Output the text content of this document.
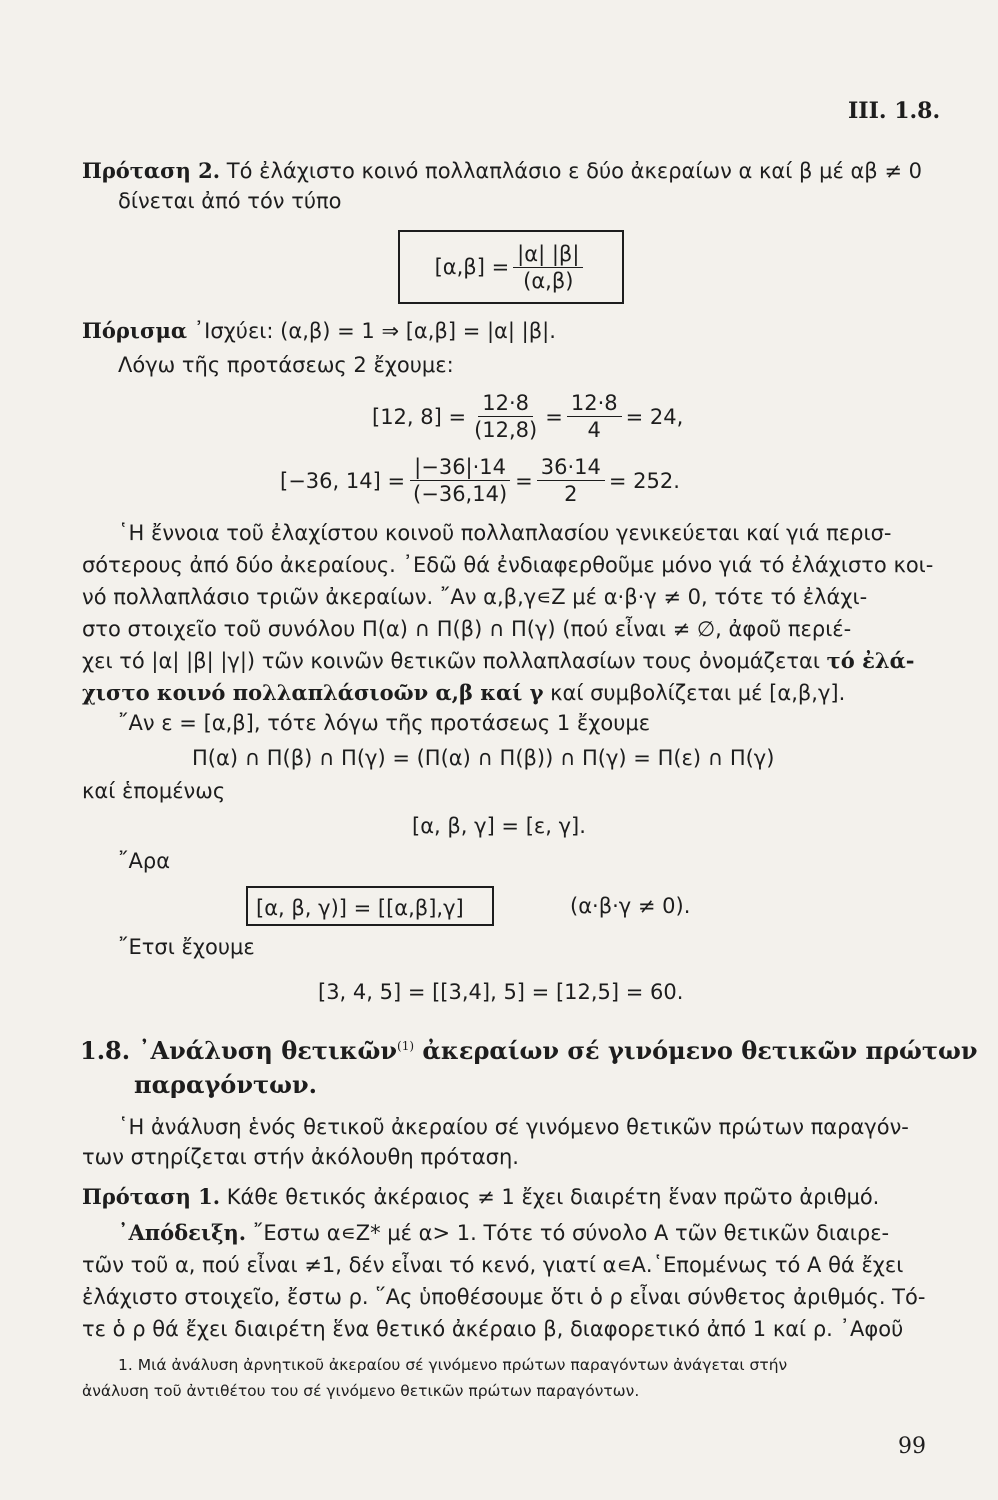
III. 1.8.
Πρόταση 2. Τό ἐλάχιστο κοινό πολλαπλάσιο ε δύο ἀκεραίων α καί β μέ αβ ≠ 0
δίνεται ἀπό τόν τύπο
$[\alpha,\beta] = \frac{|\alpha| |\beta|}{(\alpha,\beta)}$
Πόρισμα ᾿Ισχύει: (α,β) = 1 ⇒ [α,β] = |α| |β|.
Λόγω τῆς προτάσεως 2 ἔχουμε:
[12, $8] = \frac{12\cdot 8}{(12,8)} = \frac{12\cdot 8}{4} = 24$,
[−36, $14] = \frac{|-36|\cdot 14}{(-36,14)} = \frac{36\cdot 14}{2} = 252$.
῾Η ἔννοια τοῦ ἐλαχίστου κοινοῦ πολλαπλασίου γενικεύεται καί γιά περισ-
σότερους ἀπό δύο ἀκεραίους. ᾿Εδῶ θά ἐνδιαφερθοῦμε μόνο γιά τό ἐλάχιστο κοι-
νό πολλαπλάσιο τριῶν ἀκεραίων. ῎Αν α,β,γ∊Z μέ α·β·γ ≠ 0, τότε τό ἐλάχι-
στο στοιχεῖο τοῦ συνόλου Π(α) ∩ Π(β) ∩ Π(γ) (πού εἶναι ≠ ∅, ἀφοῦ περιέ-
χει τό |α| |β| |γ|) τῶν κοινῶν θετικῶν πολλαπλασίων τους ὀνομάζεται τό ἐλά-
χιστο κοινό πολλαπλάσιοῶν α,β καί γ καί συμβολίζεται μέ [α,β,γ].
῎Αν ε = [α,β], τότε λόγω τῆς προτάσεως 1 ἔχουμε
Π(α) ∩ Π(β) ∩ Π(γ) = (Π(α) ∩ Π(β)) ∩ Π(γ) = Π(ε) ∩ Π(γ)
καί ἑπομένως
[α, β, γ] = [ε, γ].
῎Αρα
[α, β, γ)] = [[α,β],γ]	(α·β·γ ≠ 0).
῎Ετσι ἔχουμε
[3, 4, 5] = [[3,4], 5] = [12,5] = 60.
1.8. ᾿Ανάλυση θετικῶν$^{(1)}$ ἀκεραίων σέ γινόμενο θετικῶν πρώτων
παραγόντων.
῾Η ἀνάλυση ἑνός θετικοῦ ἀκεραίου σέ γινόμενο θετικῶν πρώτων παραγόν-
των στηρίζεται στήν ἀκόλουθη πρόταση.
Πρόταση 1. Κάθε θετικός ἀκέραιος ≠ 1 ἔχει διαιρέτη ἕναν πρῶτο ἀριθμό.
᾿Απόδειξη. ῎Εστω α∊Z* μέ α> 1. Τότε τό σύνολο Α τῶν θετικῶν διαιρε-
τῶν τοῦ α, πού εἶναι ≠1, δέν εἶναι τό κενό, γιατί α∊Α.῾Επομένως τό Α θά ἔχει
ἐλάχιστο στοιχεῖο, ἔστω ρ. ῞Ας ὑποθέσουμε ὅτι ὁ ρ εἶναι σύνθετος ἀριθμός. Τό-
τε ὁ ρ θά ἔχει διαιρέτη ἕνα θετικό ἀκέραιο β, διαφορετικό ἀπό 1 καί ρ. ᾿Αφοῦ
1. Μιά ἀνάλυση ἀρνητικοῦ ἀκεραίου σέ γινόμενο πρώτων παραγόντων ἀνάγεται στήν
ἀνάλυση τοῦ ἀντιθέτου του σέ γινόμενο θετικῶν πρώτων παραγόντων.
99
